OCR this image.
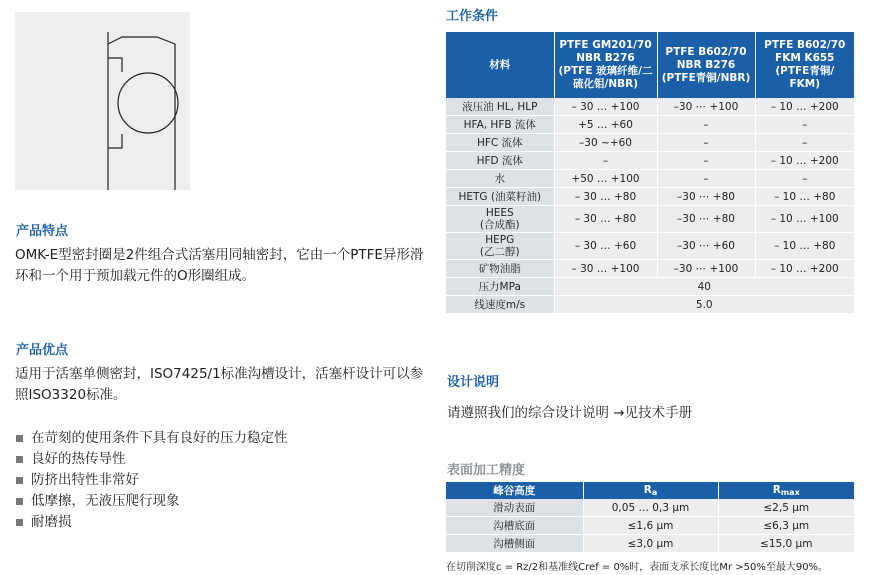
产品特点
OMK-E型密封圈是2件组合式活塞用同轴密封，它由一个PTFE异形滑环和一个用于预加载元件的O形圈组成。
产品优点
适用于活塞单侧密封，ISO7425/1标准沟槽设计，活塞杆设计可以参照ISO3320标准。
在苛刻的使用条件下具有良好的压力稳定性
良好的热传导性
防挤出特性非常好
低摩擦，无液压爬行现象
耐磨损
工作条件
材料	PTFE GM201/70
NBR B276
(PTFE 玻璃纤维/二
硫化钼/NBR)	PTFE B602/70
NBR B276
(PTFE青铜/NBR)	PTFE B602/70
FKM K655
(PTFE青铜/
FKM)
液压油 HL, HLP	– 30 … +100	–30 ⋯ +100	– 10 … +200
HFA, HFB 流体	+5 … +60	–	–
HFC 流体	–30 ~+60	–	–
HFD 流体	–	–	– 10 … +200
水	+50 … +100	–	–
HETG (油菜籽油)	– 30 … +80	–30 ⋯ +80	– 10 … +80
HEES
(合成酯)	– 30 … +80	–30 ⋯ +80	– 10 … +100
HEPG
(乙二醇)	– 30 … +60	–30 ⋯ +60	– 10 … +80
矿物油脂	– 30 … +100	–30 ⋯ +100	– 10 … +200
压力MPa	40		
线速度m/s	5.0		
设计说明
请遵照我们的综合设计说明 →见技术手册
表面加工精度
峰谷高度	$R_a$	$R_{max}$
滑动表面	0,05 … 0,3 μm	≤2,5 μm
沟槽底面	≤1,6 μm	≤6,3 μm
沟槽侧面	≤3,0 μm	≤15,0 μm
在切削深度c = Rz/2和基准线Cref = 0%时，表面支承长度比Mr >50%至最大90%。
